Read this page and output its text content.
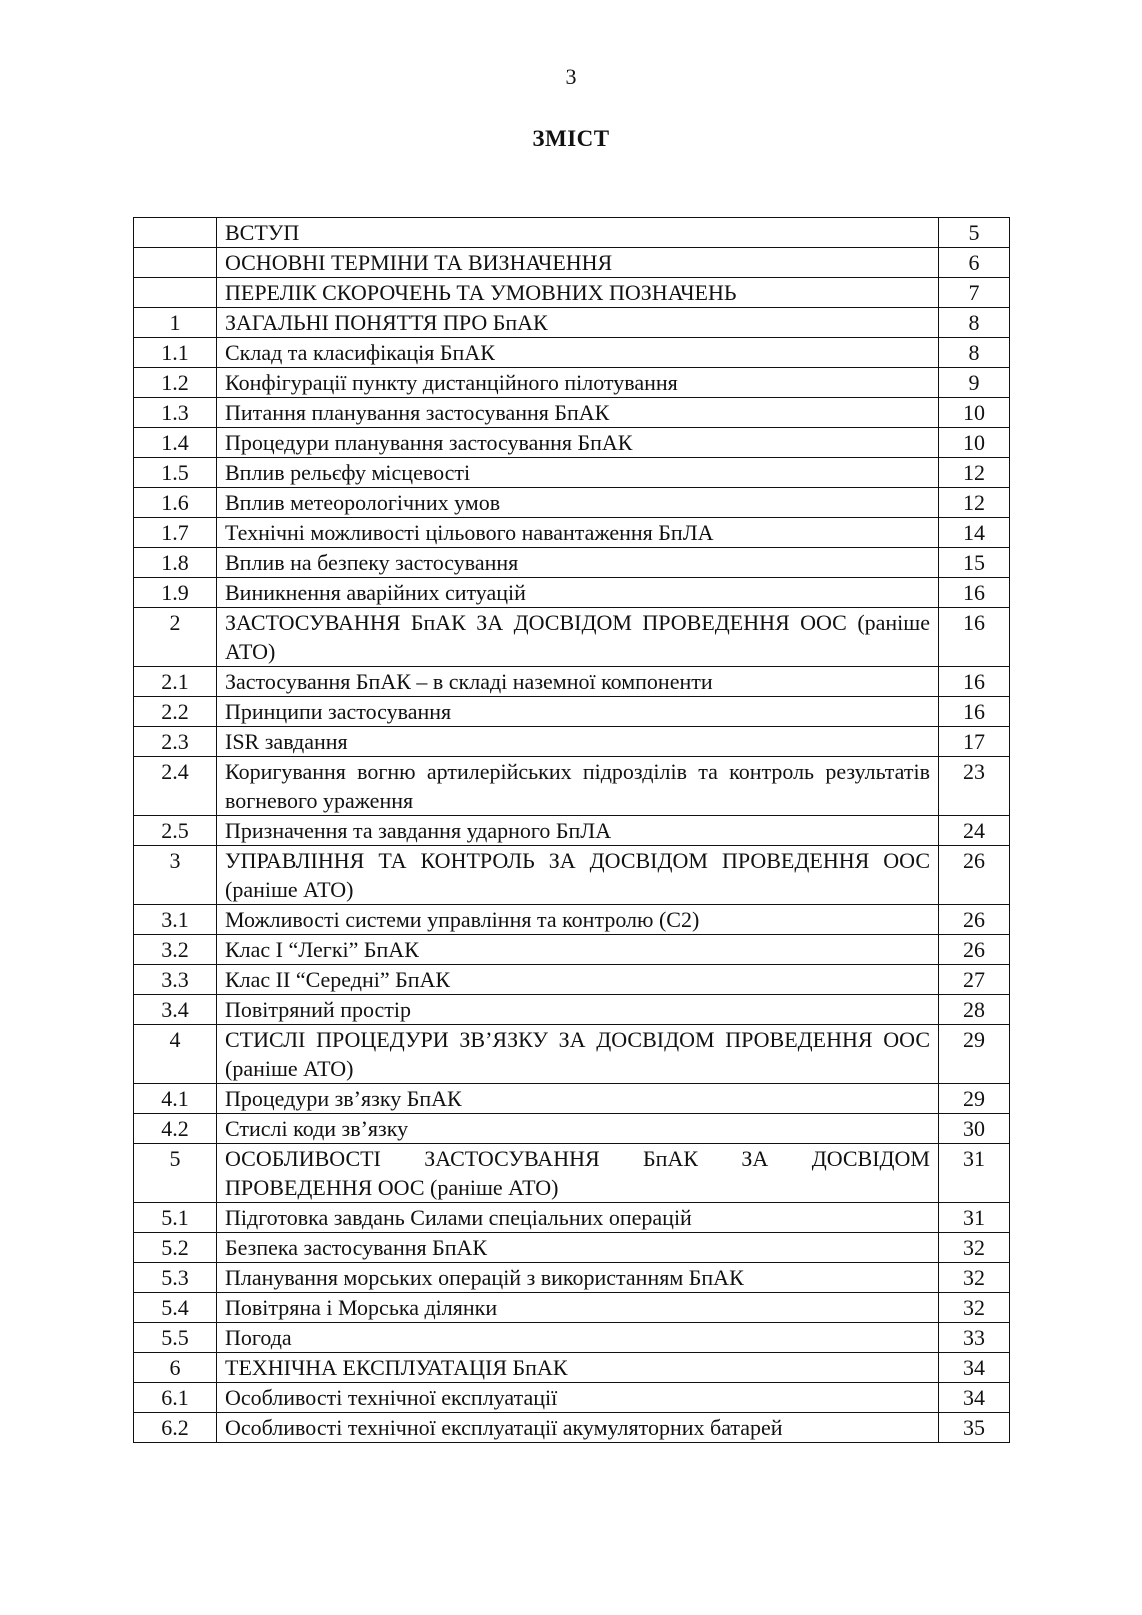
3
ЗМІСТ
	ВСТУП	5
	ОСНОВНІ ТЕРМІНИ ТА ВИЗНАЧЕННЯ	6
	ПЕРЕЛІК СКОРОЧЕНЬ ТА УМОВНИХ ПОЗНАЧЕНЬ	7
1	ЗАГАЛЬНІ ПОНЯТТЯ ПРО БпАК	8
1.1	Склад та класифікація БпАК	8
1.2	Конфігурації пункту дистанційного пілотування	9
1.3	Питання планування застосування БпАК	10
1.4	Процедури планування застосування БпАК	10
1.5	Вплив рельєфу місцевості	12
1.6	Вплив метеорологічних умов	12
1.7	Технічні можливості цільового навантаження БпЛА	14
1.8	Вплив на безпеку застосування	15
1.9	Виникнення аварійних ситуацій	16
2	ЗАСТОСУВАННЯ БпАК ЗА ДОСВІДОМ ПРОВЕДЕННЯ ООС (раніше АТО)	16
2.1	Застосування БпАК – в складі наземної компоненти	16
2.2	Принципи застосування	16
2.3	ISR завдання	17
2.4	Коригування вогню артилерійських підрозділів та контроль результатів вогневого ураження	23
2.5	Призначення та завдання ударного БпЛА	24
3	УПРАВЛІННЯ ТА КОНТРОЛЬ ЗА ДОСВІДОМ ПРОВЕДЕННЯ ООС (раніше АТО)	26
3.1	Можливості системи управління та контролю (С2)	26
3.2	Клас I “Легкі” БпАК	26
3.3	Клас II “Середні” БпАК	27
3.4	Повітряний простір	28
4	СТИСЛІ ПРОЦЕДУРИ ЗВ’ЯЗКУ ЗА ДОСВІДОМ ПРОВЕДЕННЯ ООС (раніше АТО)	29
4.1	Процедури зв’язку БпАК	29
4.2	Стислі коди зв’язку	30
5	ОСОБЛИВОСТІ ЗАСТОСУВАННЯ БпАК ЗА ДОСВІДОМ ПРОВЕДЕННЯ ООС (раніше АТО)	31
5.1	Підготовка завдань Силами спеціальних операцій	31
5.2	Безпека застосування БпАК	32
5.3	Планування морських операцій з використанням БпАК	32
5.4	Повітряна і Морська ділянки	32
5.5	Погода	33
6	ТЕХНІЧНА ЕКСПЛУАТАЦІЯ БпАК	34
6.1	Особливості технічної експлуатації	34
6.2	Особливості технічної експлуатації акумуляторних батарей	35
